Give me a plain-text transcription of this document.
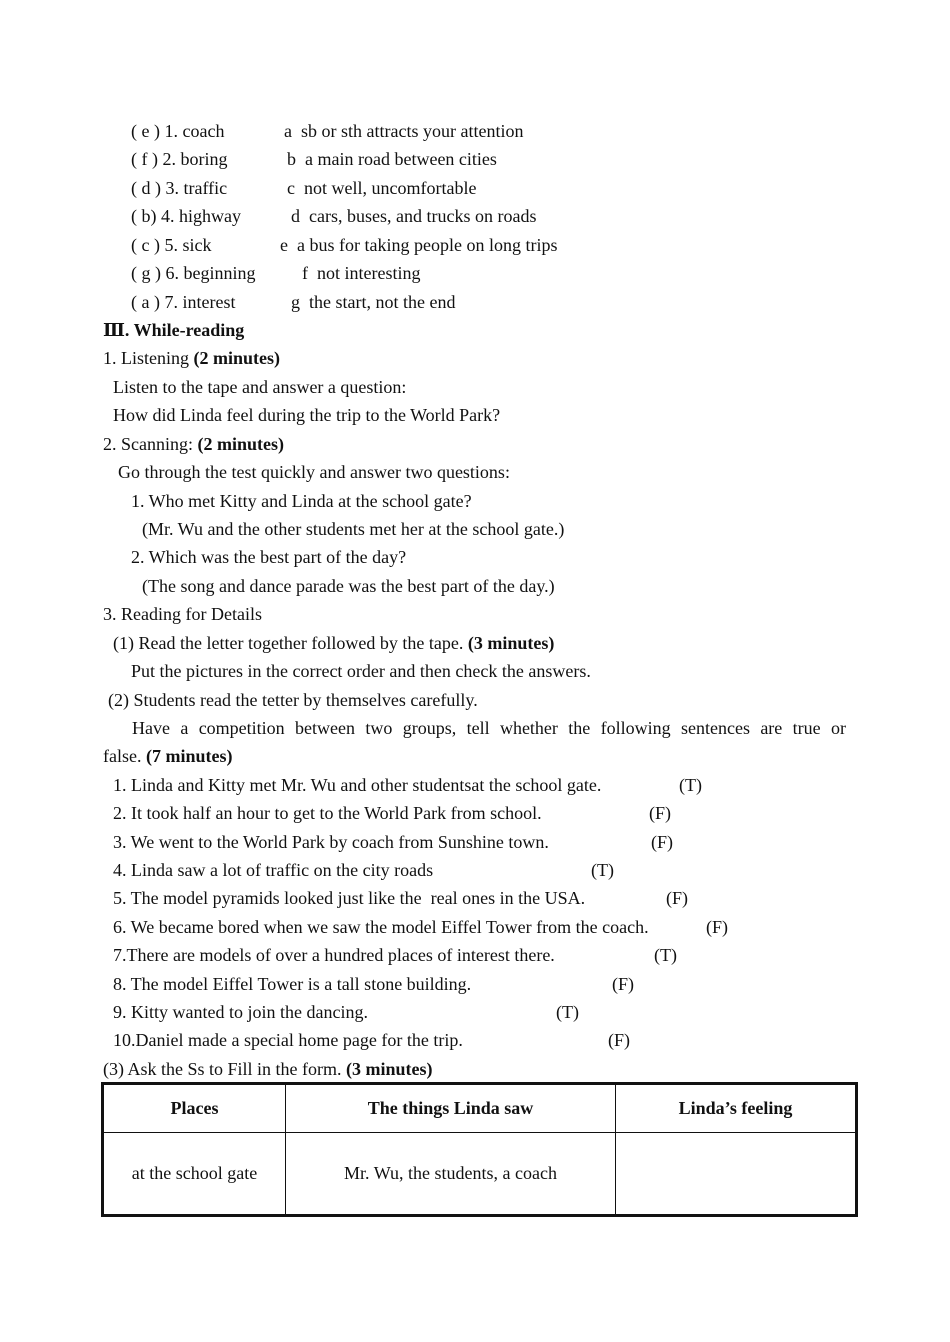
( e ) 1. coach	a  sb or sth attracts your attention
( f ) 2. boring	b  a main road between cities
( d ) 3. traffic	c  not well, uncomfortable
( b) 4. highway	d  cars, buses, and trucks on roads
( c ) 5. sick	e  a bus for taking people on long trips
( g ) 6. beginning	f  not interesting
( a ) 7. interest	g  the start, not the end
Ⅲ. While-reading
1. Listening (2 minutes)
Listen to the tape and answer a question:
How did Linda feel during the trip to the World Park?
2. Scanning: (2 minutes)
Go through the test quickly and answer two questions:
1. Who met Kitty and Linda at the school gate?
(Mr. Wu and the other students met her at the school gate.)
2. Which was the best part of the day?
(The song and dance parade was the best part of the day.)
3. Reading for Details
(1) Read the letter together followed by the tape. (3 minutes)
Put the pictures in the correct order and then check the answers.
(2) Students read the tetter by themselves carefully.
Have a competition between two groups, tell whether the following sentences are true or
false. (7 minutes)
1. Linda and Kitty met Mr. Wu and other studentsat the school gate.	(T)
2. It took half an hour to get to the World Park from school.	(F)
3. We went to the World Park by coach from Sunshine town.	(F)
4. Linda saw a lot of traffic on the city roads	(T)
5. The model pyramids looked just like the  real ones in the USA.	(F)
6. We became bored when we saw the model Eiffel Tower from the coach.	(F)
7.There are models of over a hundred places of interest there.	(T)
8. The model Eiffel Tower is a tall stone building.	(F)
9. Kitty wanted to join the dancing.	(T)
10.Daniel made a special home page for the trip.	(F)
(3) Ask the Ss to Fill in the form. (3 minutes)
Places	The things Linda saw	Linda’s feeling
at the school gate	Mr. Wu, the students, a coach	
